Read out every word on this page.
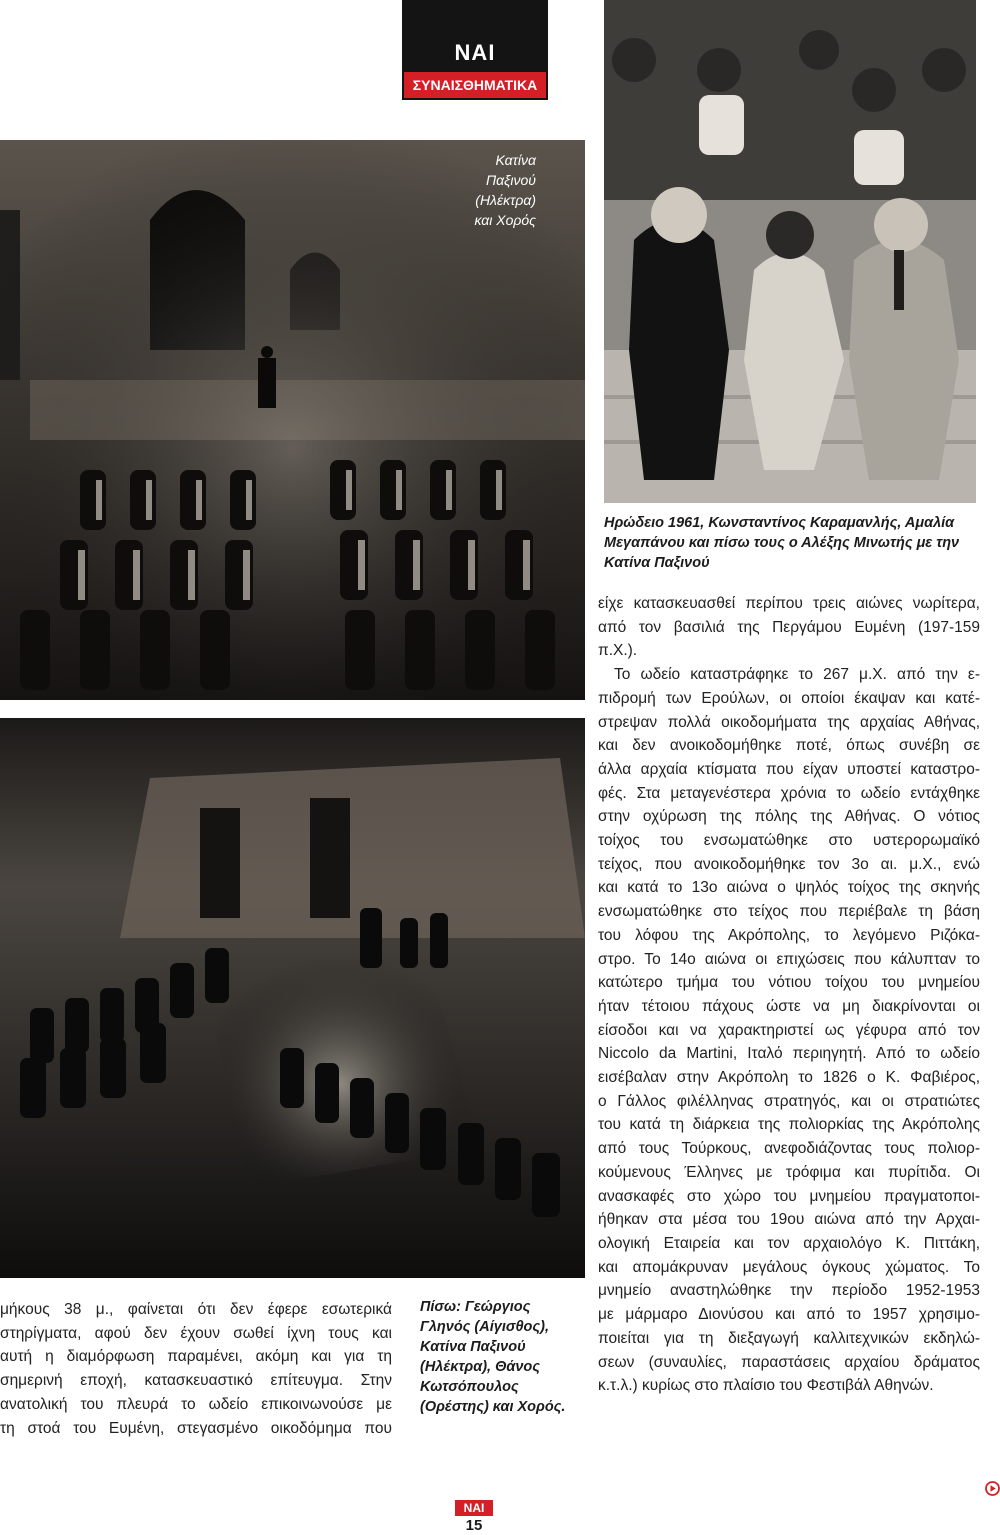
ΝΑΙ
ΣΥΝΑΙΣΘΗΜΑΤΙΚΑ
Κατίνα
Παξινού
(Ηλέκτρα)
και Χορός
Ηρώδειο 1961, Κωνσταντίνος Καραμανλής, Αμαλία
Μεγαπάνου και πίσω τους ο Αλέξης Μινωτής με την
Κατίνα Παξινού
Πίσω: Γεώργιος
Γληνός (Αίγισθος),
Κατίνα Παξινού
(Ηλέκτρα), Θάνος
Κωτσόπουλος
(Ορέστης) και Χορός.
μήκους 38 μ., φαίνεται ότι δεν έφερε εσωτερικά
στηρίγματα, αφού δεν έχουν σωθεί ίχνη τους και
αυτή η διαμόρφωση παραμένει, ακόμη και για τη
σημερινή εποχή, κατασκευαστικό επίτευγμα. Στην
ανατολική του πλευρά το ωδείο επικοινωνούσε με
τη στοά του Ευμένη, στεγασμένο οικοδόμημα που
είχε κατασκευασθεί περίπου τρεις αιώνες νωρίτερα,
από τον βασιλιά της Περγάμου Ευμένη (197-159
π.Χ.).
Το ωδείο καταστράφηκε το 267 μ.Χ. από την ε-
πιδρομή των Ερούλων, οι οποίοι έκαψαν και κατέ-
στρεψαν πολλά οικοδομήματα της αρχαίας Αθήνας,
και δεν ανοικοδομήθηκε ποτέ, όπως συνέβη σε
άλλα αρχαία κτίσματα που είχαν υποστεί καταστρο-
φές. Στα μεταγενέστερα χρόνια το ωδείο εντάχθηκε
στην οχύρωση της πόλης της Αθήνας. Ο νότιος
τοίχος του ενσωματώθηκε στο υστερορωμαϊκό
τείχος, που ανοικοδομήθηκε τον 3ο αι. μ.Χ., ενώ
και κατά το 13ο αιώνα ο ψηλός τοίχος της σκηνής
ενσωματώθηκε στο τείχος που περιέβαλε τη βάση
του λόφου της Ακρόπολης, το λεγόμενο Ριζόκα-
στρο. Το 14ο αιώνα οι επιχώσεις που κάλυπταν το
κατώτερο τμήμα του νότιου τοίχου του μνημείου
ήταν τέτοιου πάχους ώστε να μη διακρίνονται οι
είσοδοι και να χαρακτηριστεί ως γέφυρα από τον
Niccolo da Martini, Ιταλό περιηγητή. Από το ωδείο
εισέβαλαν στην Ακρόπολη το 1826 ο Κ. Φαβιέρος,
ο Γάλλος φιλέλληνας στρατηγός, και οι στρατιώτες
του κατά τη διάρκεια της πολιορκίας της Ακρόπολης
από τους Τούρκους, ανεφοδιάζοντας τους πολιορ-
κούμενους Έλληνες με τρόφιμα και πυρίτιδα. Οι
ανασκαφές στο χώρο του μνημείου πραγματοποι-
ήθηκαν στα μέσα του 19ου αιώνα από την Αρχαι-
ολογική Εταιρεία και τον αρχαιολόγο Κ. Πιττάκη,
και απομάκρυναν μεγάλους όγκους χώματος. Το
μνημείο αναστηλώθηκε την περίοδο 1952-1953
με μάρμαρο Διονύσου και από το 1957 χρησιμο-
ποιείται για τη διεξαγωγή καλλιτεχνικών εκδηλώ-
σεων (συναυλίες, παραστάσεις αρχαίου δράματος
κ.τ.λ.) κυρίως στο πλαίσιο του Φεστιβάλ Αθηνών.
ΝΑΙ
15
